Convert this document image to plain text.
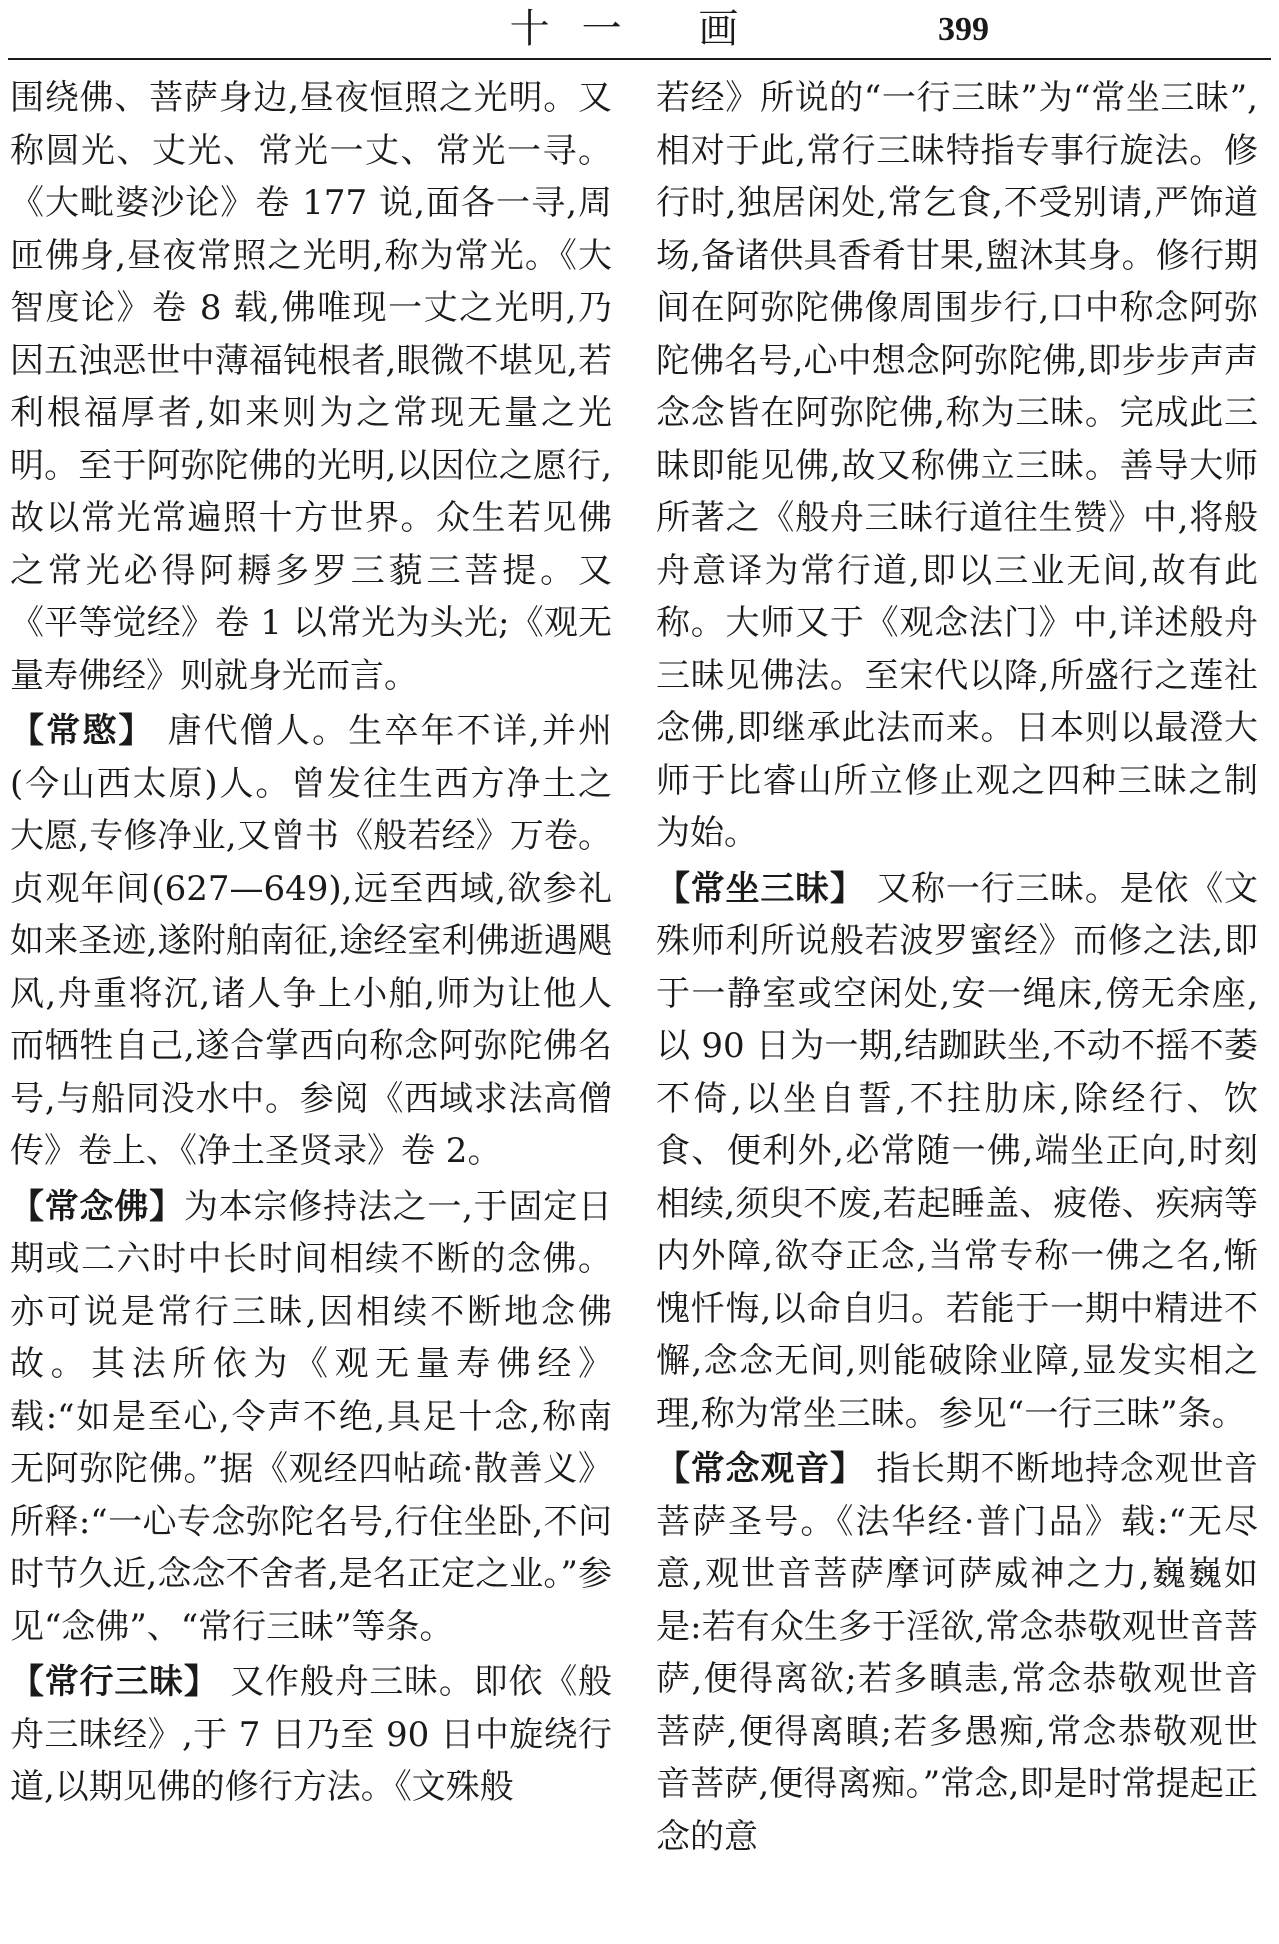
十一 画	399

围绕佛、菩萨身边,昼夜恒照之光明。又称圆光、丈光、常光一丈、常光一寻。《大毗婆沙论》卷 177 说,面各一寻,周匝佛身,昼夜常照之光明,称为常光。《大智度论》卷 8 载,佛唯现一丈之光明,乃因五浊恶世中薄福钝根者,眼微不堪见,若利根福厚者,如来则为之常现无量之光明。至于阿弥陀佛的光明,以因位之愿行,故以常光常遍照十方世界。众生若见佛之常光必得阿耨多罗三藐三菩提。又《平等觉经》卷 1 以常光为头光;《观无量寿佛经》则就身光而言。

【常愍】 唐代僧人。生卒年不详,并州(今山西太原)人。曾发往生西方净土之大愿,专修净业,又曾书《般若经》万卷。贞观年间(627—649),远至西域,欲参礼如来圣迹,遂附舶南征,途经室利佛逝遇飓风,舟重将沉,诸人争上小舶,师为让他人而牺牲自己,遂合掌西向称念阿弥陀佛名号,与船同没水中。参阅《西域求法高僧传》卷上、《净土圣贤录》卷 2。

【常念佛】为本宗修持法之一,于固定日期或二六时中长时间相续不断的念佛。亦可说是常行三昧,因相续不断地念佛故。其法所依为《观无量寿佛经》载:“如是至心,令声不绝,具足十念,称南无阿弥陀佛。”据《观经四帖疏·散善义》所释:“一心专念弥陀名号,行住坐卧,不问时节久近,念念不舍者,是名正定之业。”参见“念佛”、“常行三昧”等条。

【常行三昧】 又作般舟三昧。即依《般舟三昧经》,于 7 日乃至 90 日中旋绕行道,以期见佛的修行方法。《文殊般

若经》所说的“一行三昧”为“常坐三昧”,相对于此,常行三昧特指专事行旋法。修行时,独居闲处,常乞食,不受别请,严饰道场,备诸供具香肴甘果,盥沐其身。修行期间在阿弥陀佛像周围步行,口中称念阿弥陀佛名号,心中想念阿弥陀佛,即步步声声念念皆在阿弥陀佛,称为三昧。完成此三昧即能见佛,故又称佛立三昧。善导大师所著之《般舟三昧行道往生赞》中,将般舟意译为常行道,即以三业无间,故有此称。大师又于《观念法门》中,详述般舟三昧见佛法。至宋代以降,所盛行之莲社念佛,即继承此法而来。日本则以最澄大师于比睿山所立修止观之四种三昧之制为始。

【常坐三昧】 又称一行三昧。是依《文殊师利所说般若波罗蜜经》而修之法,即于一静室或空闲处,安一绳床,傍无余座,以 90 日为一期,结跏趺坐,不动不摇不萎不倚,以坐自誓,不拄肋床,除经行、饮食、便利外,必常随一佛,端坐正向,时刻相续,须臾不废,若起睡盖、疲倦、疾病等内外障,欲夺正念,当常专称一佛之名,惭愧忏悔,以命自归。若能于一期中精进不懈,念念无间,则能破除业障,显发实相之理,称为常坐三昧。参见“一行三昧”条。

【常念观音】 指长期不断地持念观世音菩萨圣号。《法华经·普门品》载:“无尽意,观世音菩萨摩诃萨威神之力,巍巍如是:若有众生多于淫欲,常念恭敬观世音菩萨,便得离欲;若多瞋恚,常念恭敬观世音菩萨,便得离瞋;若多愚痴,常念恭敬观世音菩萨,便得离痴。”常念,即是时常提起正念的意
